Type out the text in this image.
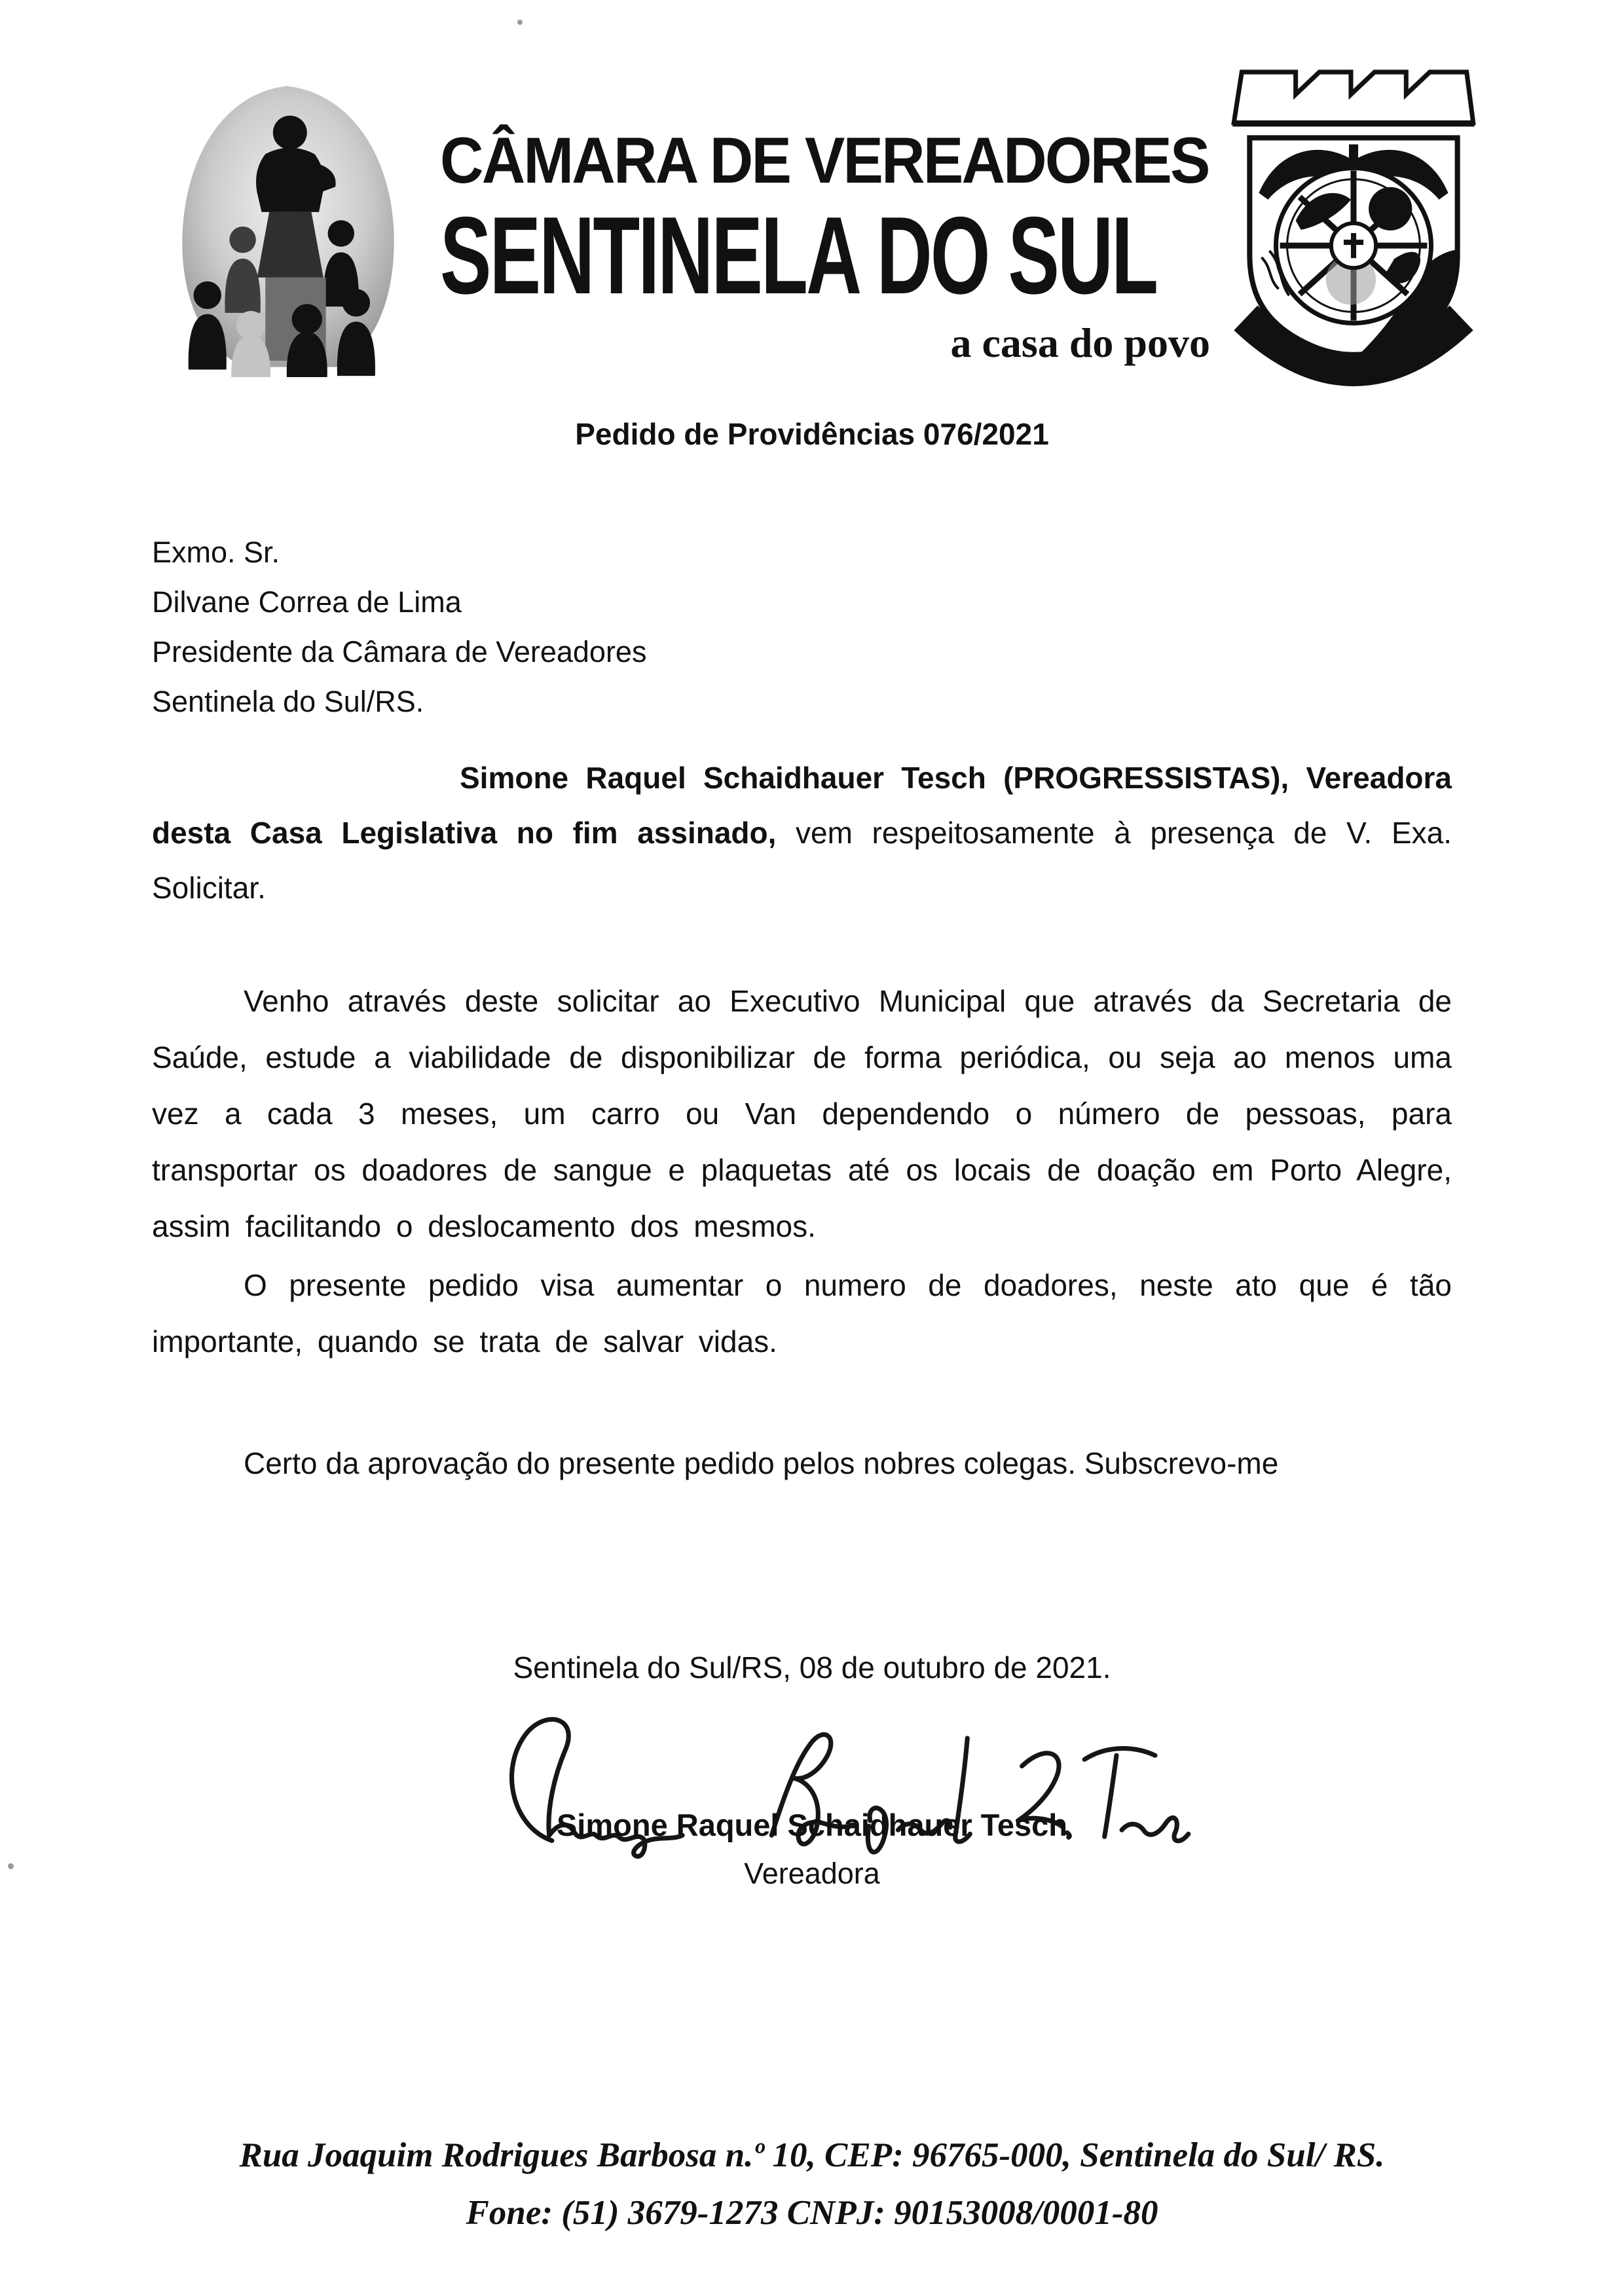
CÂMARA DE VEREADORES
SENTINELA DO SUL
a casa do povo
Pedido de Providências 076/2021
Exmo. Sr.
Dilvane Correa de Lima
Presidente da Câmara de Vereadores
Sentinela do Sul/RS.
Simone Raquel Schaidhauer Tesch (PROGRESSISTAS), Vereadora desta Casa Legislativa no fim assinado, vem respeitosamente à presença de V. Exa. Solicitar.

Venho através deste solicitar ao Executivo Municipal que através da Secretaria de Saúde, estude a viabilidade de disponibilizar de forma periódica, ou seja ao menos uma vez a cada 3 meses, um carro ou Van dependendo o número de pessoas, para transportar os doadores de sangue e plaquetas até os locais de doação em Porto Alegre, assim facilitando o deslocamento dos mesmos.

O presente pedido visa aumentar o numero de doadores, neste ato que é tão importante, quando se trata de salvar vidas.

Certo da aprovação do presente pedido pelos nobres colegas. Subscrevo-me

Sentinela do Sul/RS, 08 de outubro de 2021.
Simone Raquel Schaidhauer Tesch
Vereadora
Rua Joaquim Rodrigues Barbosa n.º 10, CEP: 96765-000, Sentinela do Sul/ RS.
Fone: (51) 3679-1273 CNPJ: 90153008/0001-80
